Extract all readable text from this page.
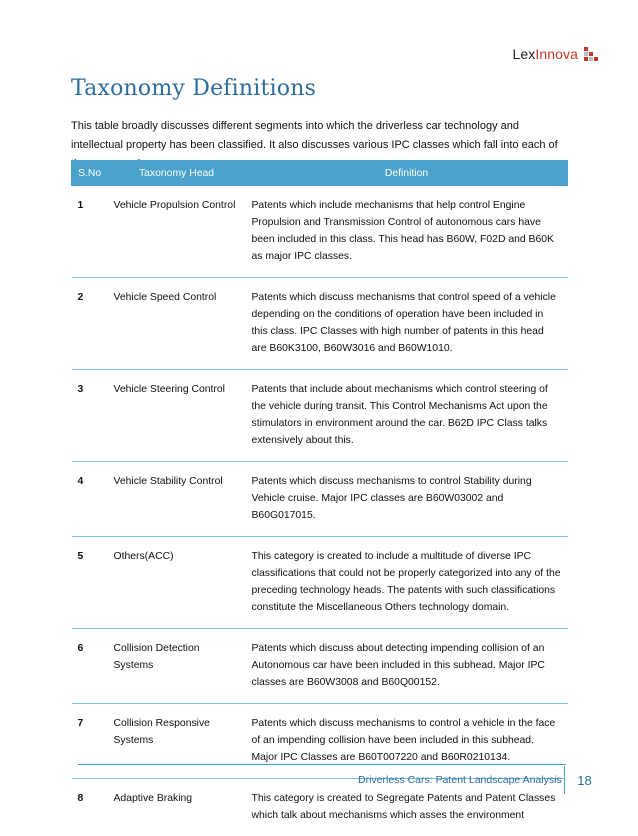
LexInnova
Taxonomy Definitions

This table broadly discusses different segments into which the driverless car technology and intellectual property has been classified. It also discusses various IPC classes which fall into each of

S.No	Taxonomy Head	Definition
1	Vehicle Propulsion Control	Patents which include mechanisms that help control Engine Propulsion and Transmission Control of autonomous cars have been included in this class. This head has B60W, F02D and B60K as major IPC classes.
2	Vehicle Speed Control	Patents which discuss mechanisms that control speed of a vehicle depending on the conditions of operation have been included in this class. IPC Classes with high number of patents in this head are B60K3100, B60W3016 and B60W1010.
3	Vehicle Steering Control	Patents that include about mechanisms which control steering of the vehicle during transit. This Control Mechanisms Act upon the stimulators in environment around the car. B62D IPC Class talks extensively about this.
4	Vehicle Stability Control	Patents which discuss mechanisms to control Stability during Vehicle cruise. Major IPC classes are B60W03002 and B60G017015.
5	Others(ACC)	This category is created to include a multitude of diverse IPC classifications that could not be properly categorized into any of the preceding technology heads. The patents with such classifications constitute the Miscellaneous Others technology domain.
6	Collision Detection Systems	Patents which discuss about detecting impending collision of an Autonomous car have been included in this subhead. Major IPC classes are B60W3008 and B60Q00152.
7	Collision Responsive Systems	Patents which discuss mechanisms to control a vehicle in the face of an impending collision have been included in this subhead. Major IPC Classes are B60T007220 and B60R0210134.
8	Adaptive Braking	This category is created to Segregate Patents and Patent Classes which talk about mechanisms which asses the environment
Driverless Cars: Patent Landscape Analysis	18
